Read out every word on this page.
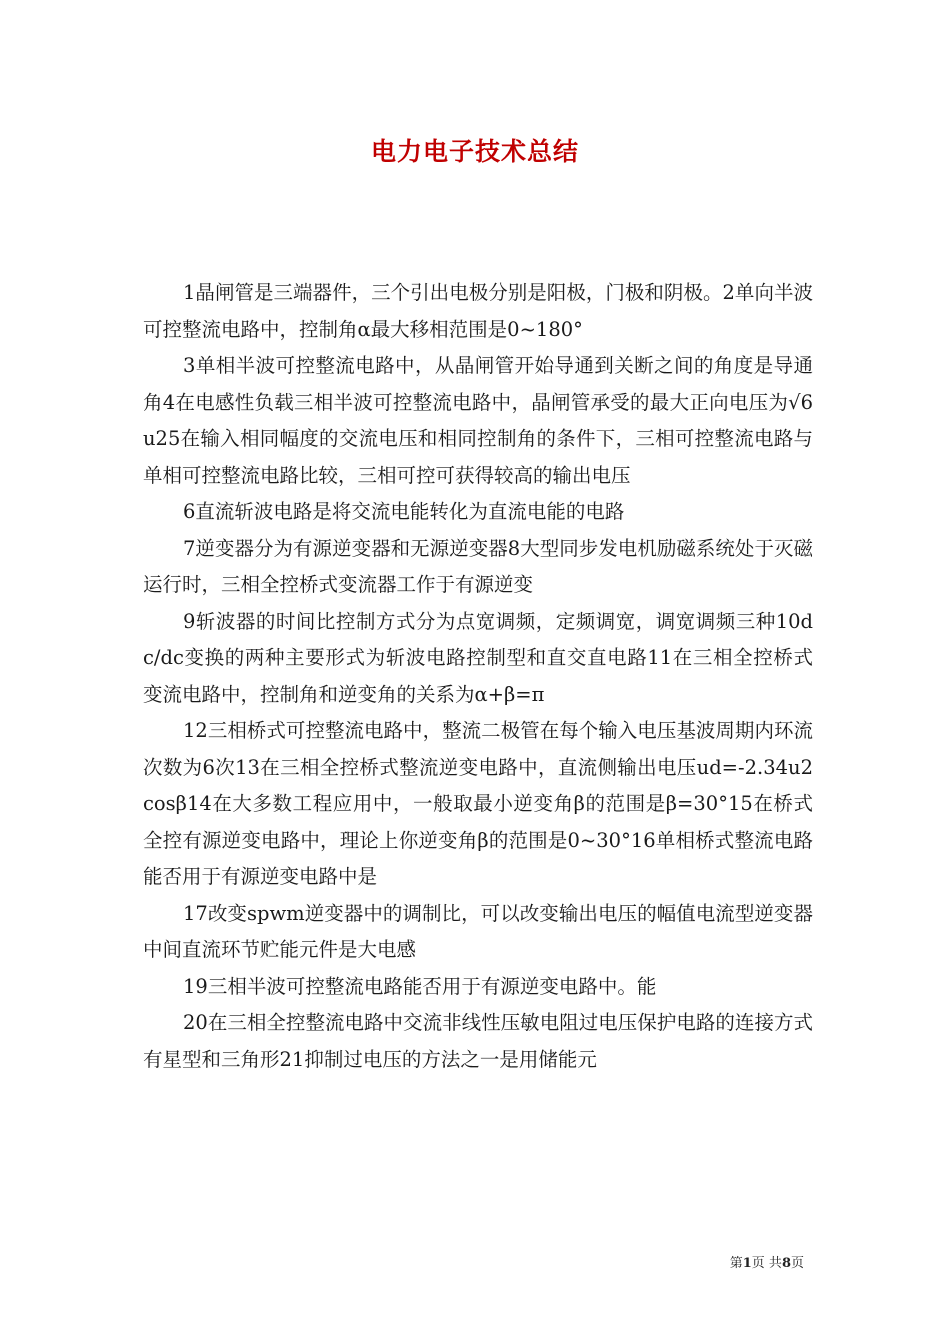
电力电子技术总结

1晶闸管是三端器件，三个引出电极分别是阳极，门极和阴极。2单向半波可控整流电路中，控制角α最大移相范围是0~180°

3单相半波可控整流电路中，从晶闸管开始导通到关断之间的角度是导通角4在电感性负载三相半波可控整流电路中，晶闸管承受的最大正向电压为√6u25在输入相同幅度的交流电压和相同控制角的条件下，三相可控整流电路与单相可控整流电路比较，三相可控可获得较高的输出电压

6直流斩波电路是将交流电能转化为直流电能的电路

7逆变器分为有源逆变器和无源逆变器8大型同步发电机励磁系统处于灭磁运行时，三相全控桥式变流器工作于有源逆变

9斩波器的时间比控制方式分为点宽调频，定频调宽，调宽调频三种10dc/dc变换的两种主要形式为斩波电路控制型和直交直电路11在三相全控桥式变流电路中，控制角和逆变角的关系为α+β=π

12三相桥式可控整流电路中，整流二极管在每个输入电压基波周期内环流次数为6次13在三相全控桥式整流逆变电路中，直流侧输出电压ud=-2.34u2cosβ14在大多数工程应用中，一般取最小逆变角β的范围是β=30°15在桥式全控有源逆变电路中，理论上你逆变角β的范围是0~30°16单相桥式整流电路能否用于有源逆变电路中是

17改变spwm逆变器中的调制比，可以改变输出电压的幅值电流型逆变器中间直流环节贮能元件是大电感

19三相半波可控整流电路能否用于有源逆变电路中。能

20在三相全控整流电路中交流非线性压敏电阻过电压保护电路的连接方式有星型和三角形21抑制过电压的方法之一是用储能元

第1页 共8页
